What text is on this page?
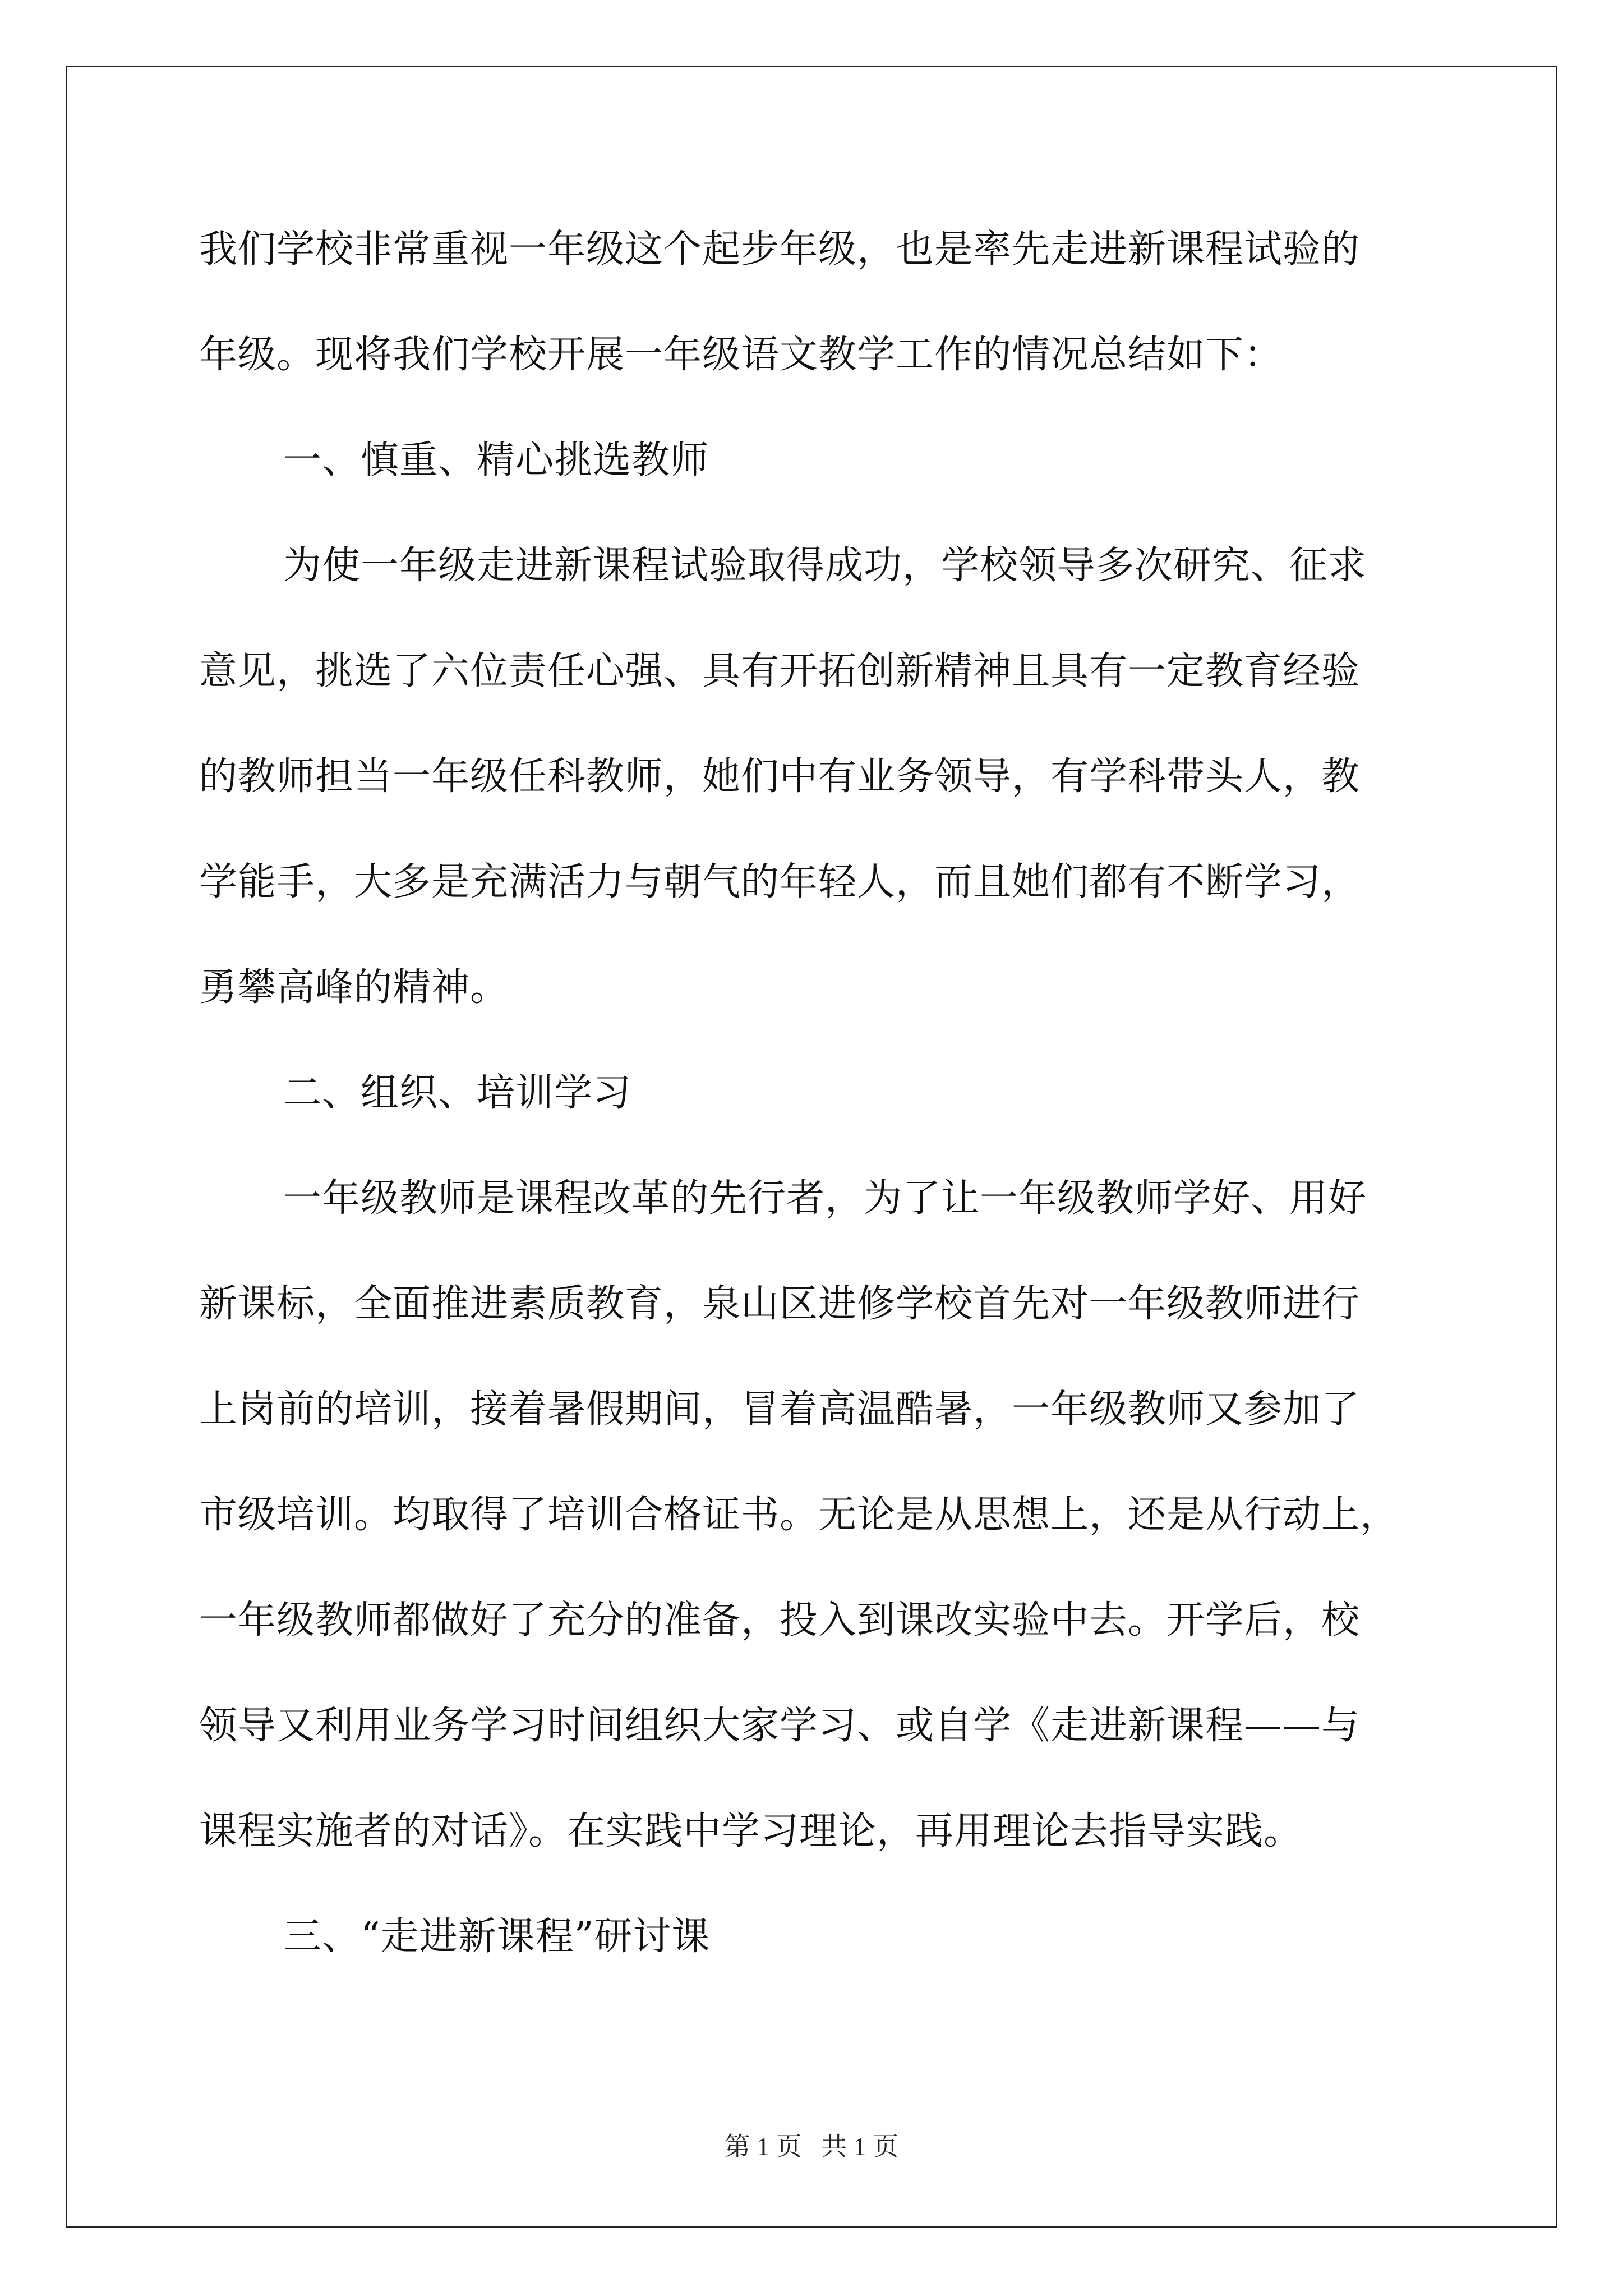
我们学校非常重视一年级这个起步年级，也是率先走进新课程试验的
年级。现将我们学校开展一年级语文教学工作的情况总结如下：
一、慎重、精心挑选教师
为使一年级走进新课程试验取得成功，学校领导多次研究、征求
意见，挑选了六位责任心强、具有开拓创新精神且具有一定教育经验
的教师担当一年级任科教师，她们中有业务领导，有学科带头人，教
学能手，大多是充满活力与朝气的年轻人，而且她们都有不断学习，
勇攀高峰的精神。
二、组织、培训学习
一年级教师是课程改革的先行者，为了让一年级教师学好、用好
新课标，全面推进素质教育，泉山区进修学校首先对一年级教师进行
上岗前的培训，接着暑假期间，冒着高温酷暑，一年级教师又参加了
市级培训。均取得了培训合格证书。无论是从思想上，还是从行动上，
一年级教师都做好了充分的准备，投入到课改实验中去。开学后，校
领导又利用业务学习时间组织大家学习、或自学《走进新课程——与
课程实施者的对话》。在实践中学习理论，再用理论去指导实践。
三、“走进新课程”研讨课
第 1 页   共 1 页
